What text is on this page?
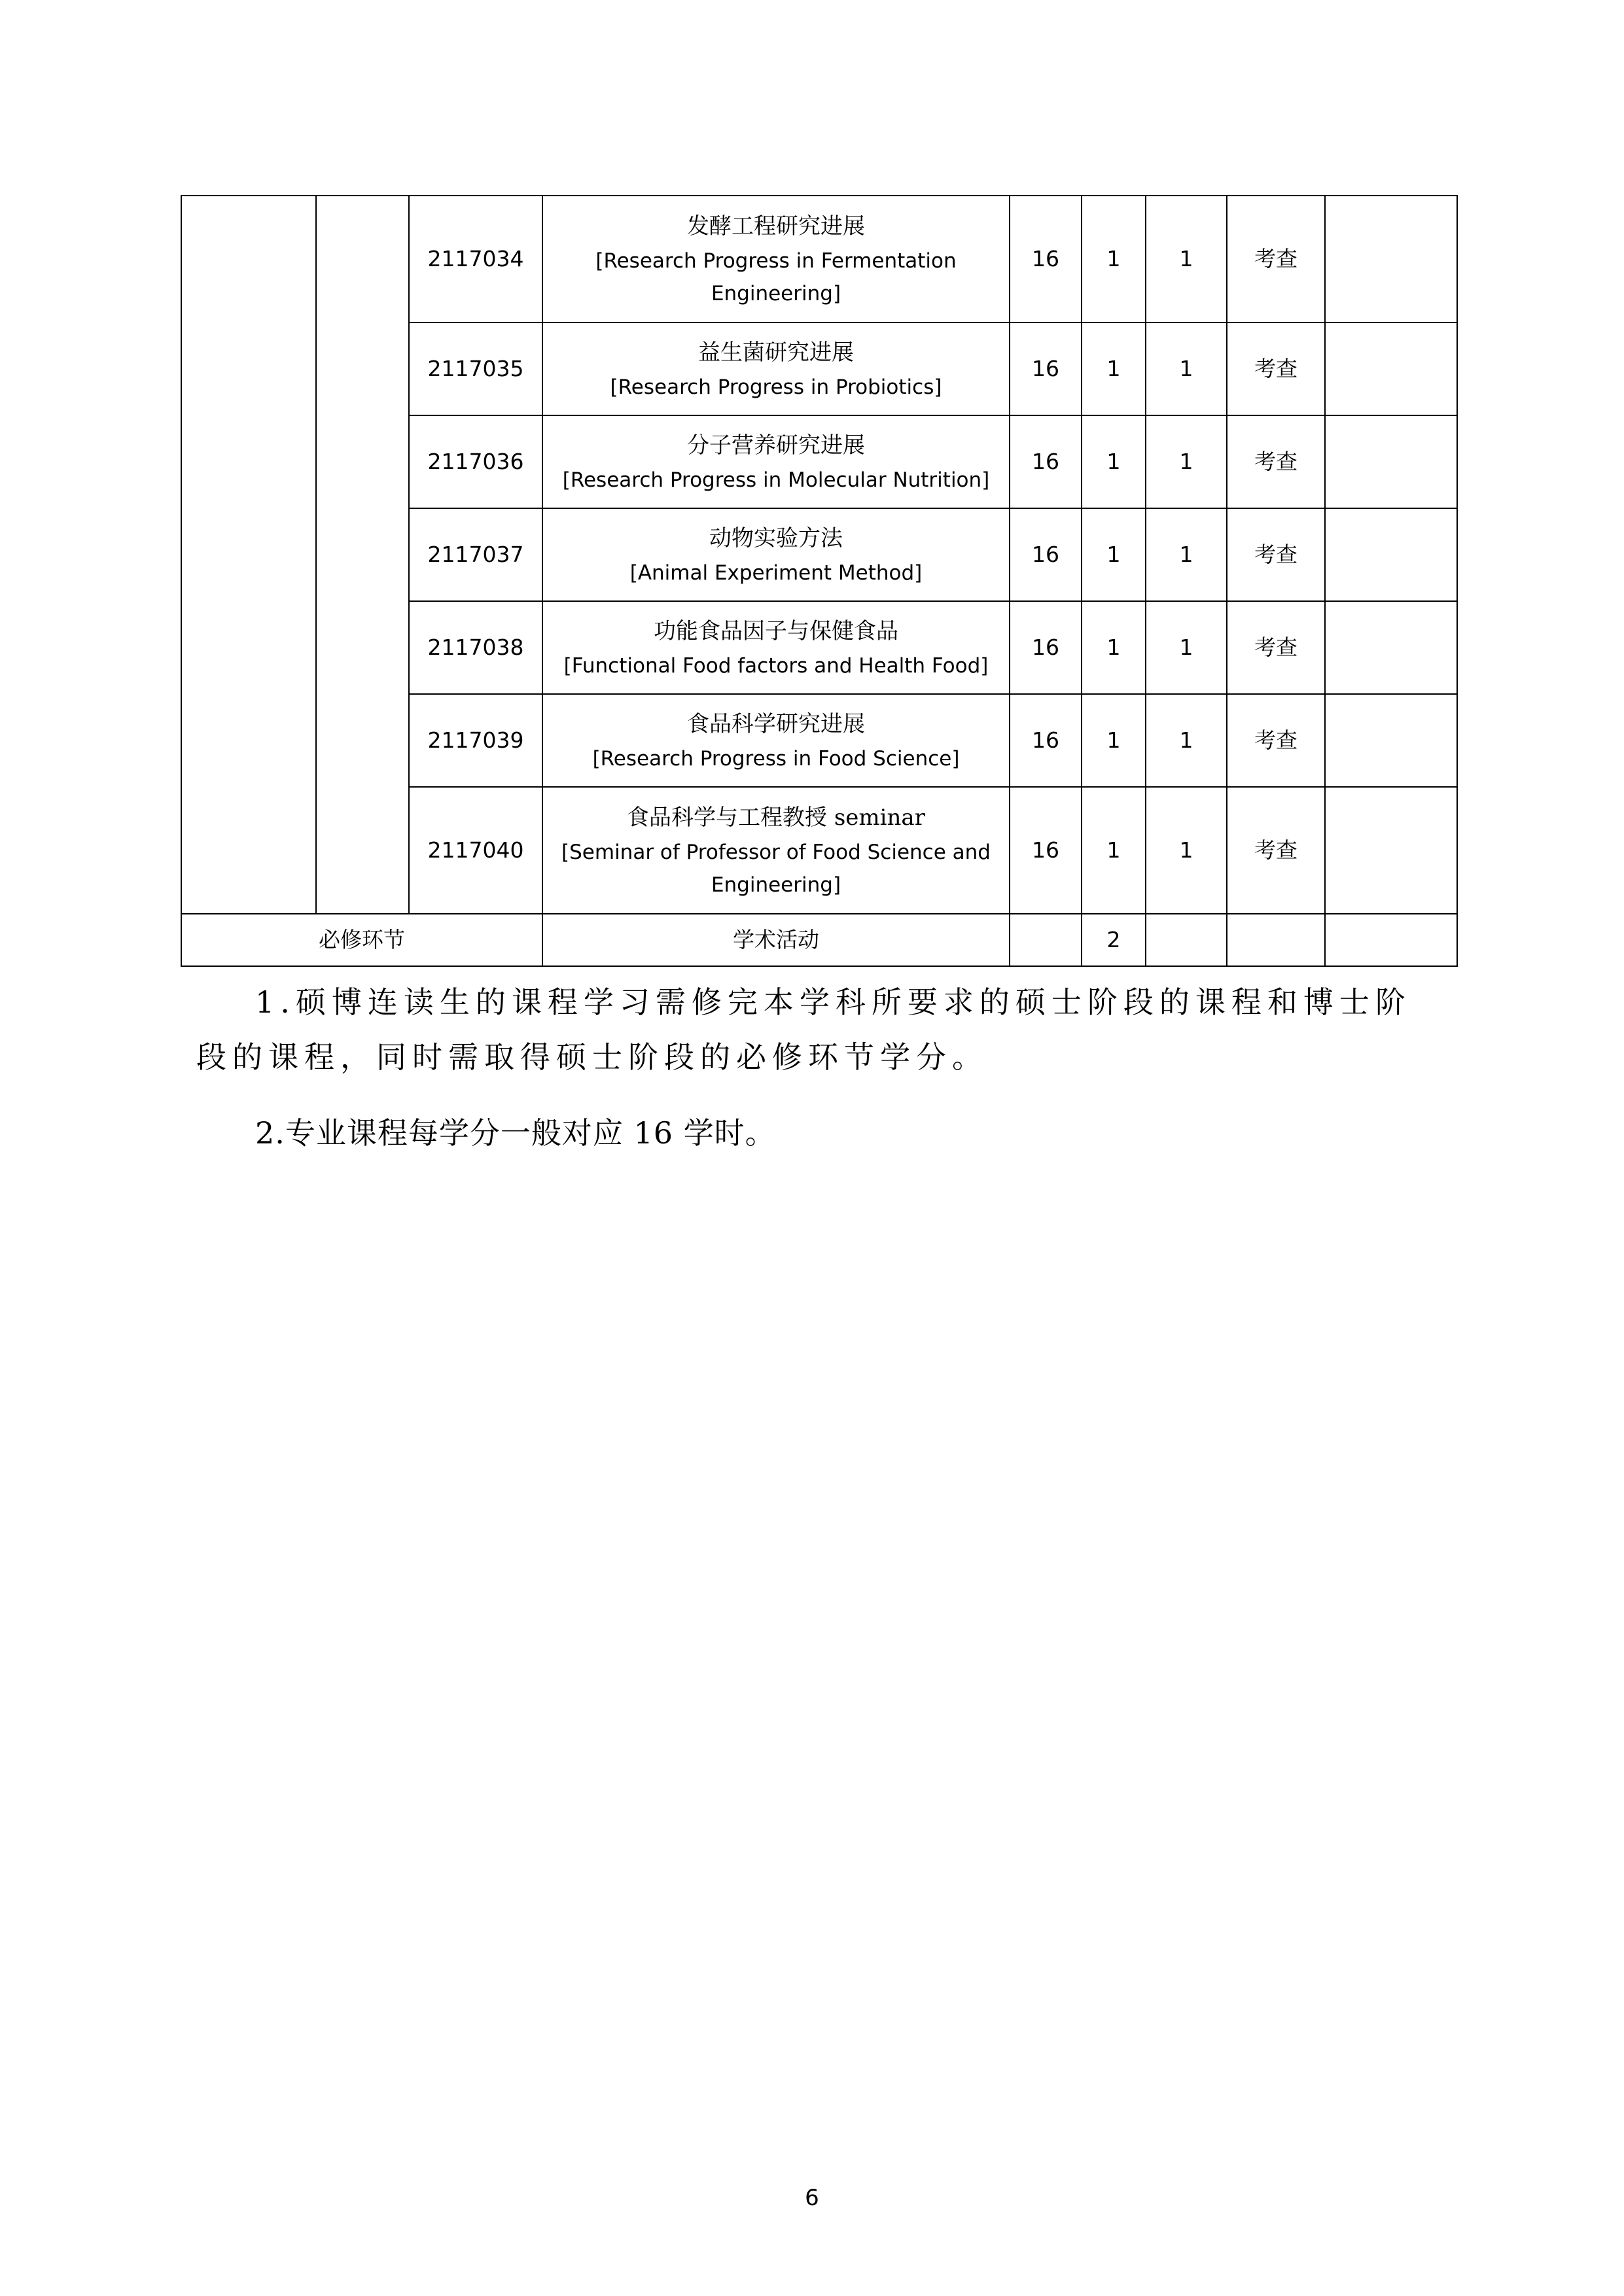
		2117034	发酵工程研究进展
[Research Progress in Fermentation Engineering]	16	1	1	考查	
		2117035	益生菌研究进展
[Research Progress in Probiotics]	16	1	1	考查	
		2117036	分子营养研究进展
[Research Progress in Molecular Nutrition]	16	1	1	考查	
		2117037	动物实验方法
[Animal Experiment Method]	16	1	1	考查	
		2117038	功能食品因子与保健食品
[Functional Food factors and Health Food]	16	1	1	考查	
		2117039	食品科学研究进展
[Research Progress in Food Science]	16	1	1	考查	
		2117040	食品科学与工程教授 seminar
[Seminar of Professor of Food Science and Engineering]	16	1	1	考查	
必修环节			学术活动		2			
1.硕博连读生的课程学习需修完本学科所要求的硕士阶段的课程和博士阶段的课程，同时需取得硕士阶段的必修环节学分。
2.专业课程每学分一般对应 16 学时。
6
